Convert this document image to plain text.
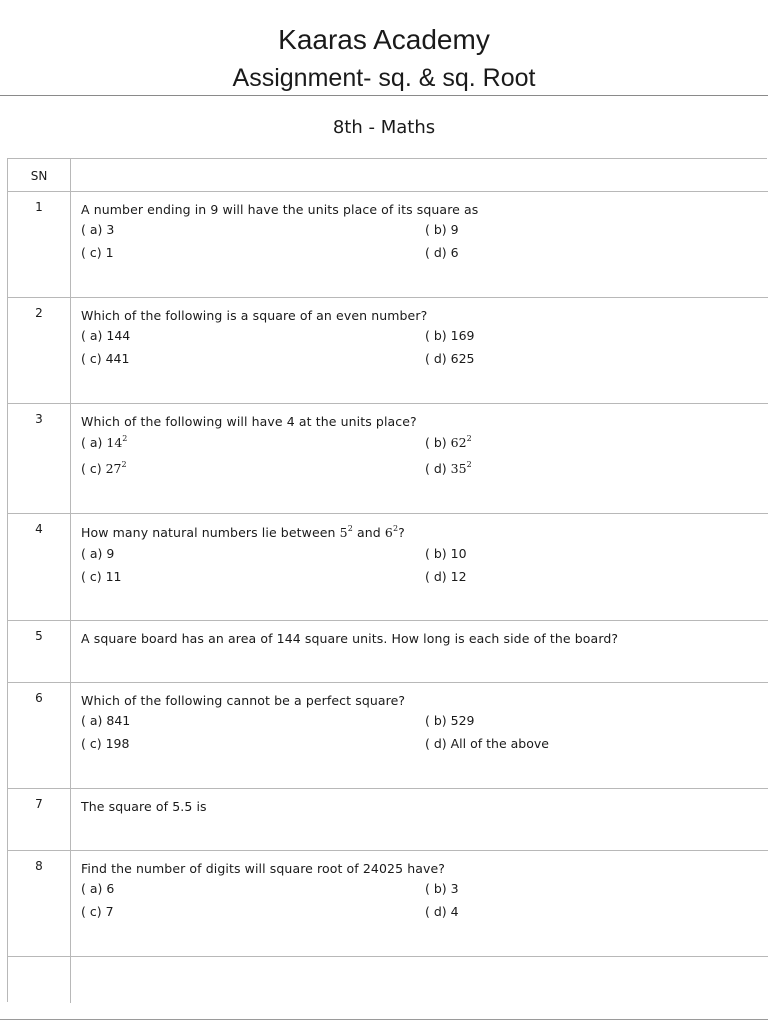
Kaaras Academy
Assignment- sq. & sq. Root
8th - Maths
SN
1	A number ending in 9 will have the units place of its square as
( a) 3	( b) 9
( c) 1	( d) 6
2	Which of the following is a square of an even number?
( a) 144	( b) 169
( c) 441	( d) 625
3	Which of the following will have 4 at the units place?
( a) $14^2$	( b) $62^2$
( c) $27^2$	( d) $35^2$
4	How many natural numbers lie between $5^2$ and $6^2$?
( a) 9	( b) 10
( c) 11	( d) 12
5	A square board has an area of 144 square units. How long is each side of the board?
6	Which of the following cannot be a perfect square?
( a) 841	( b) 529
( c) 198	( d) All of the above
7	The square of 5.5 is
8	Find the number of digits will square root of 24025 have?
( a) 6	( b) 3
( c) 7	( d) 4
